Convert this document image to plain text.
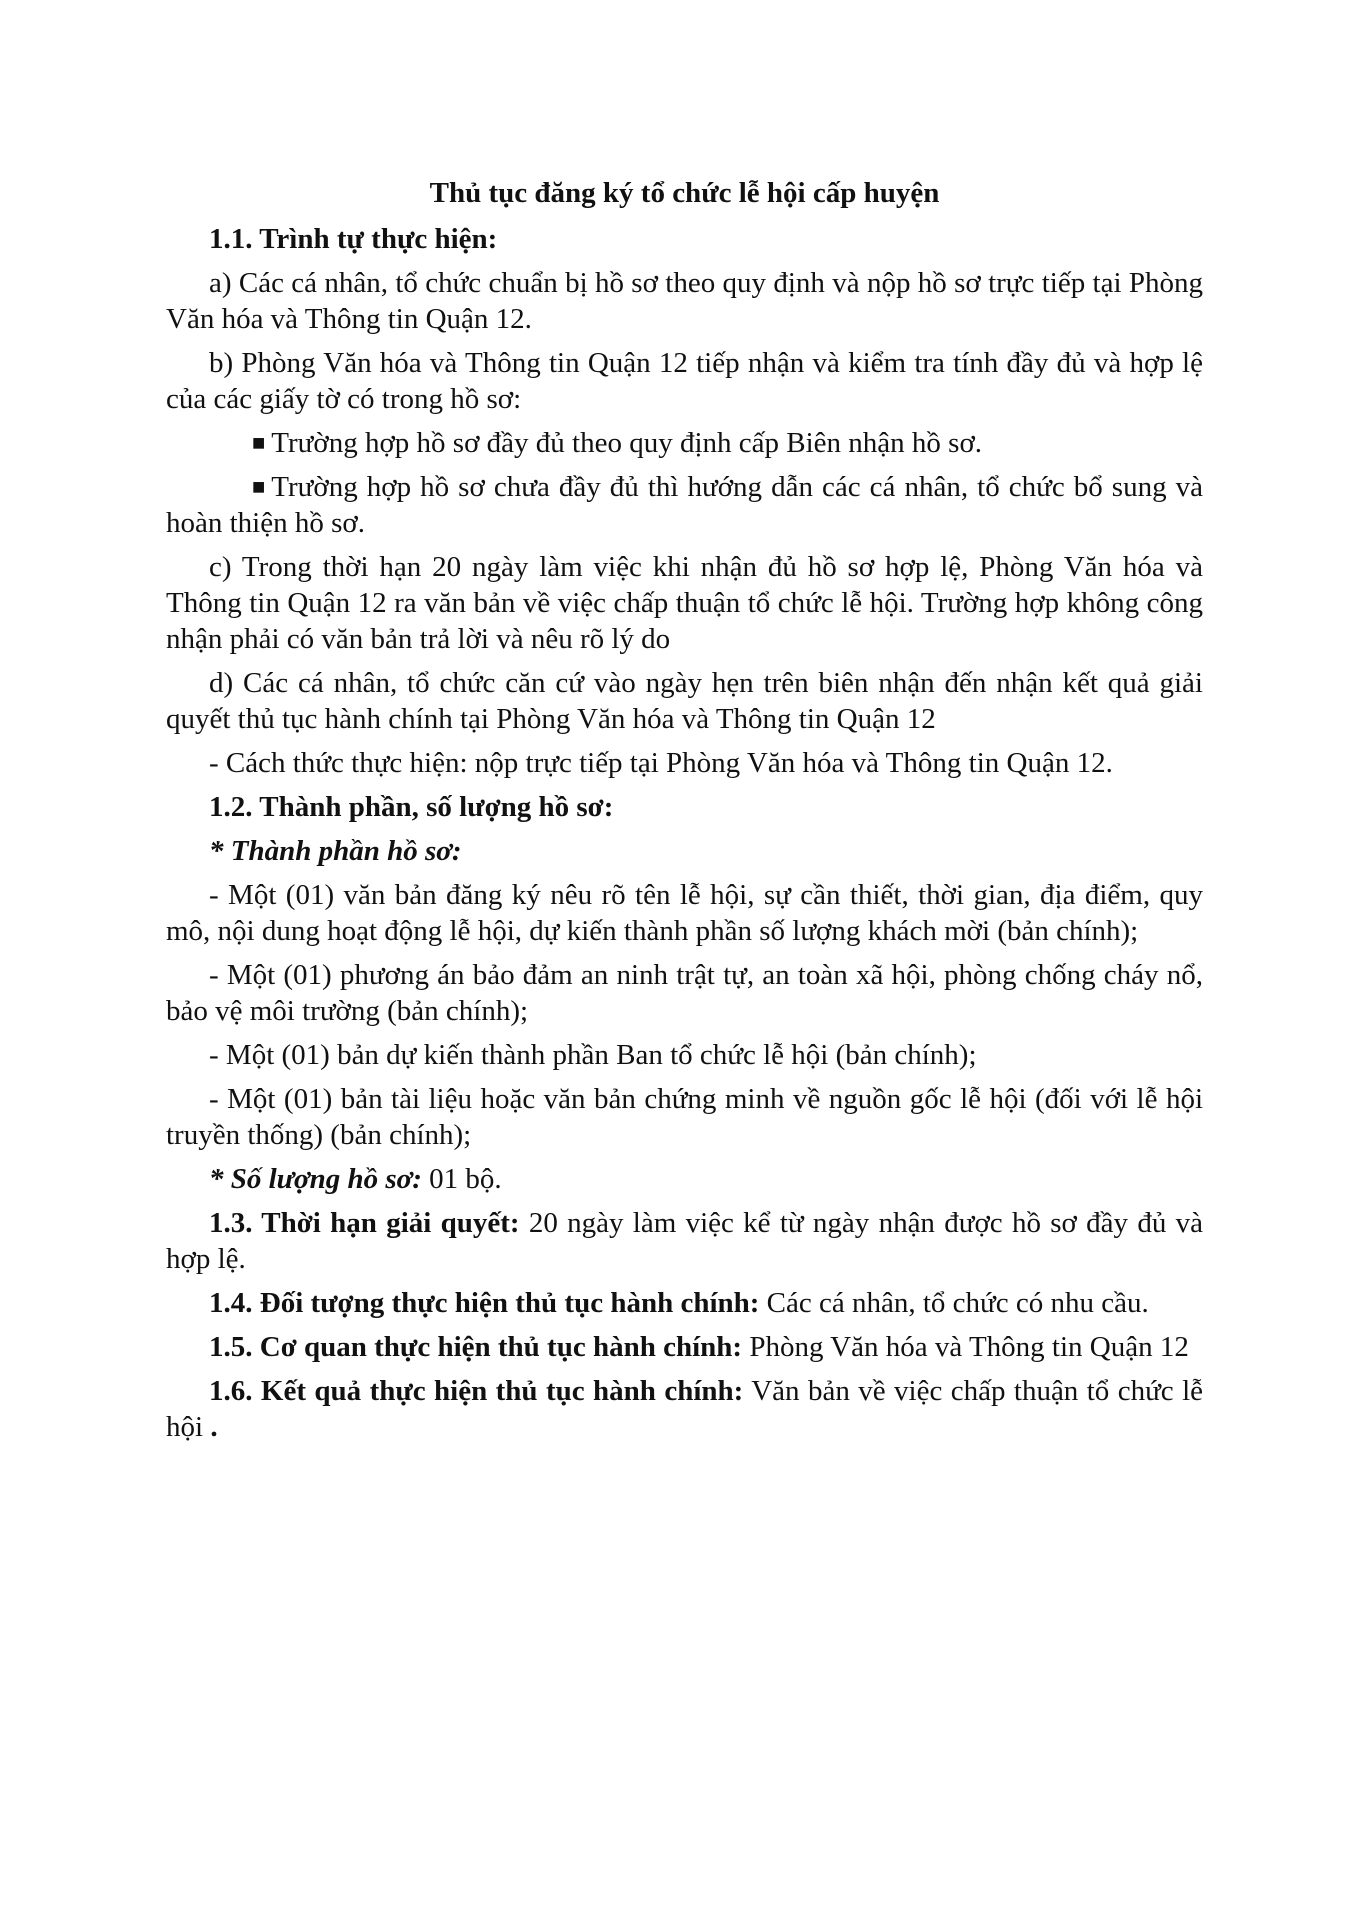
Thủ tục đăng ký tổ chức lễ hội cấp huyện
1.1. Trình tự thực hiện:
a) Các cá nhân, tổ chức chuẩn bị hồ sơ theo quy định và nộp hồ sơ trực tiếp tại Phòng Văn hóa và Thông tin Quận 12.
b) Phòng Văn hóa và Thông tin Quận 12 tiếp nhận và kiểm tra tính đầy đủ và hợp lệ của các giấy tờ có trong hồ sơ:
■ Trường hợp hồ sơ đầy đủ theo quy định cấp Biên nhận hồ sơ.
■ Trường hợp hồ sơ chưa đầy đủ thì hướng dẫn các cá nhân, tổ chức bổ sung và hoàn thiện hồ sơ.
c) Trong thời hạn 20 ngày làm việc khi nhận đủ hồ sơ hợp lệ, Phòng Văn hóa và Thông tin Quận 12 ra văn bản về việc chấp thuận tổ chức lễ hội. Trường hợp không công nhận phải có văn bản trả lời và nêu rõ lý do
d) Các cá nhân, tổ chức căn cứ vào ngày hẹn trên biên nhận đến nhận kết quả giải quyết thủ tục hành chính tại Phòng Văn hóa và Thông tin Quận 12
- Cách thức thực hiện: nộp trực tiếp tại Phòng Văn hóa và Thông tin Quận 12.
1.2. Thành phần, số lượng hồ sơ:
* Thành phần hồ sơ:
- Một (01) văn bản đăng ký nêu rõ tên lễ hội, sự cần thiết, thời gian, địa điểm, quy mô, nội dung hoạt động lễ hội, dự kiến thành phần số lượng khách mời (bản chính);
- Một (01) phương án bảo đảm an ninh trật tự, an toàn xã hội, phòng chống cháy nổ, bảo vệ môi trường (bản chính);
- Một (01) bản dự kiến thành phần Ban tổ chức lễ hội (bản chính);
- Một (01) bản tài liệu hoặc văn bản chứng minh về nguồn gốc lễ hội (đối với lễ hội truyền thống) (bản chính);
* Số lượng hồ sơ: 01 bộ.
1.3. Thời hạn giải quyết: 20 ngày làm việc kể từ ngày nhận được hồ sơ đầy đủ và hợp lệ.
1.4. Đối tượng thực hiện thủ tục hành chính: Các cá nhân, tổ chức có nhu cầu.
1.5. Cơ quan thực hiện thủ tục hành chính: Phòng Văn hóa và Thông tin Quận 12
1.6. Kết quả thực hiện thủ tục hành chính: Văn bản về việc chấp thuận tổ chức lễ hội .
